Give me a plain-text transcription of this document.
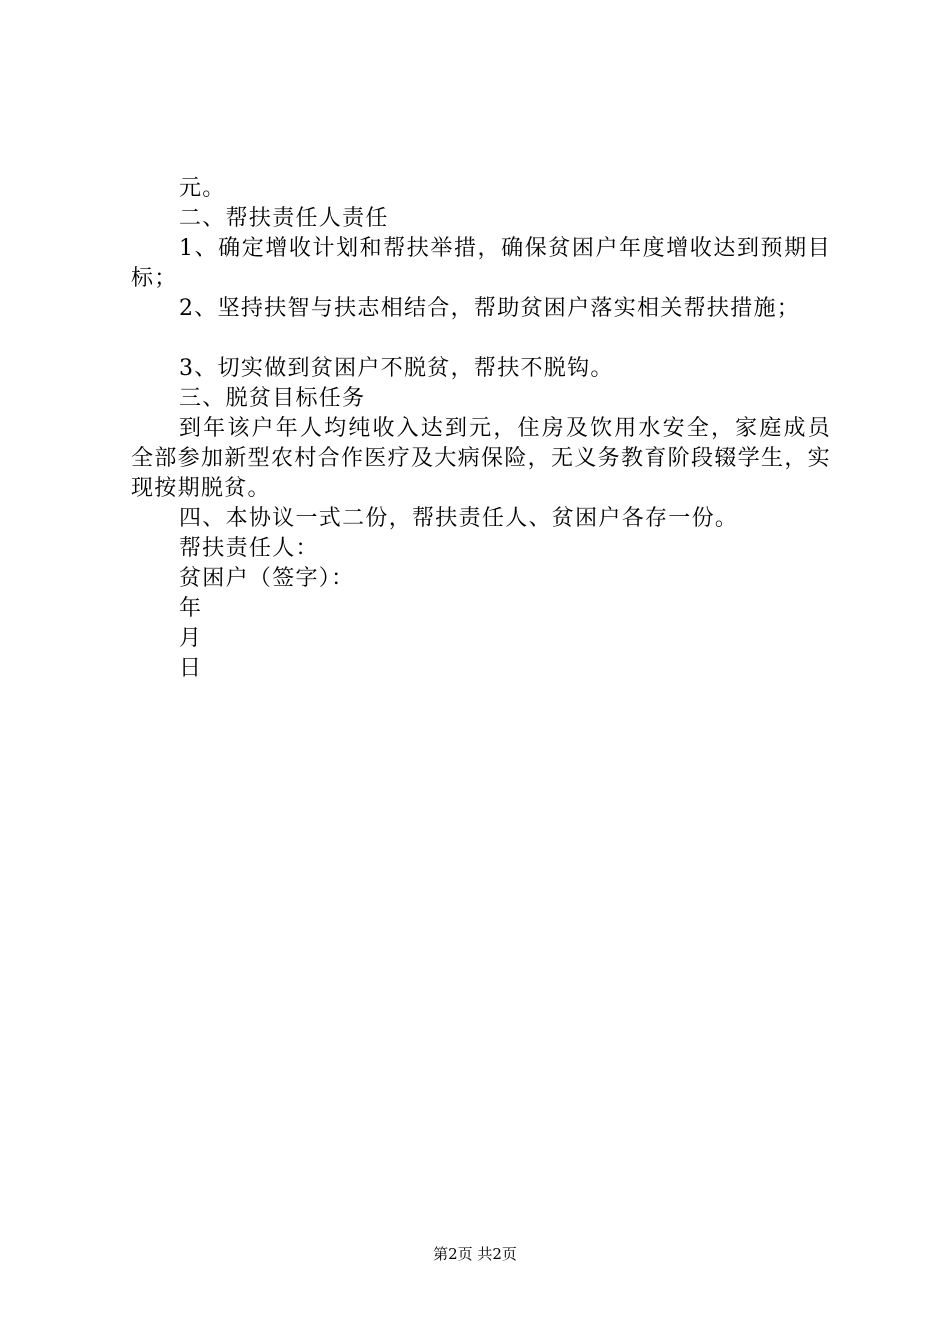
元。

二、帮扶责任人责任

1、确定增收计划和帮扶举措，确保贫困户年度增收达到预期目标；

2、坚持扶智与扶志相结合，帮助贫困户落实相关帮扶措施；

3、切实做到贫困户不脱贫，帮扶不脱钩。

三、脱贫目标任务

到年该户年人均纯收入达到元，住房及饮用水安全，家庭成员全部参加新型农村合作医疗及大病保险，无义务教育阶段辍学生，实现按期脱贫。

四、本协议一式二份，帮扶责任人、贫困户各存一份。

帮扶责任人：

贫困户（签字）：

年

月

日

第2页 共2页
